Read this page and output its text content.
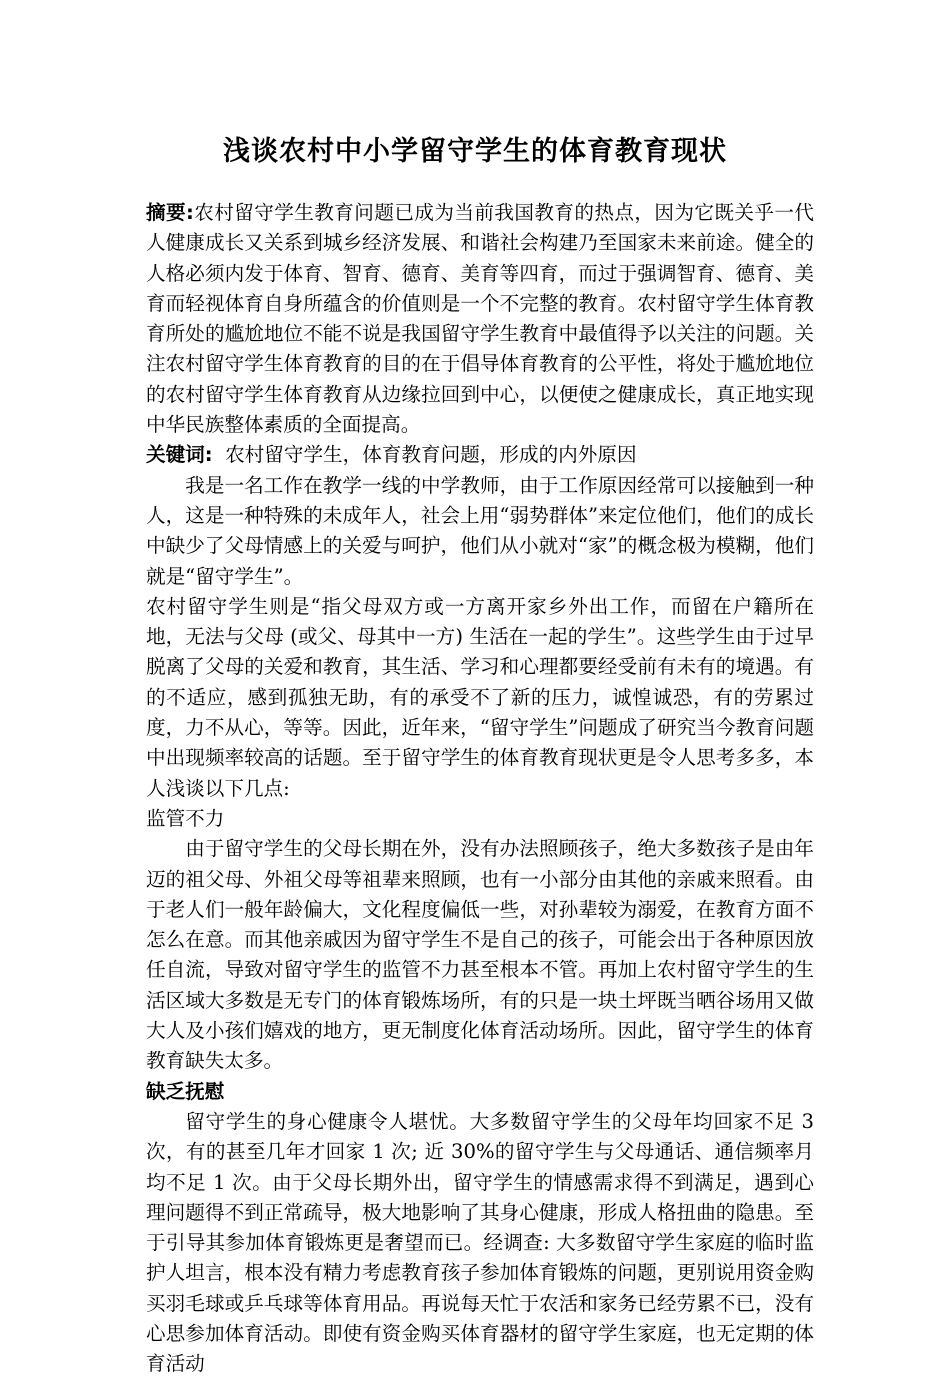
浅谈农村中小学留守学生的体育教育现状

摘要:农村留守学生教育问题已成为当前我国教育的热点，因为它既关乎一代人健康成长又关系到城乡经济发展、和谐社会构建乃至国家未来前途。健全的人格必须内发于体育、智育、德育、美育等四育，而过于强调智育、德育、美育而轻视体育自身所蕴含的价值则是一个不完整的教育。农村留守学生体育教育所处的尴尬地位不能不说是我国留守学生教育中最值得予以关注的问题。关注农村留守学生体育教育的目的在于倡导体育教育的公平性，将处于尴尬地位的农村留守学生体育教育从边缘拉回到中心，以便使之健康成长，真正地实现中华民族整体素质的全面提高。

关键词: 农村留守学生，体育教育问题，形成的内外原因

我是一名工作在教学一线的中学教师，由于工作原因经常可以接触到一种人，这是一种特殊的未成年人，社会上用“弱势群体”来定位他们，他们的成长中缺少了父母情感上的关爱与呵护，他们从小就对“家”的概念极为模糊，他们就是“留守学生”。

农村留守学生则是“指父母双方或一方离开家乡外出工作，而留在户籍所在地，无法与父母 (或父、母其中一方) 生活在一起的学生”。这些学生由于过早脱离了父母的关爱和教育，其生活、学习和心理都要经受前有未有的境遇。有的不适应，感到孤独无助，有的承受不了新的压力，诚惶诚恐，有的劳累过度，力不从心，等等。因此，近年来，“留守学生”问题成了研究当今教育问题中出现频率较高的话题。至于留守学生的体育教育现状更是令人思考多多，本人浅谈以下几点:

监管不力

由于留守学生的父母长期在外，没有办法照顾孩子，绝大多数孩子是由年迈的祖父母、外祖父母等祖辈来照顾，也有一小部分由其他的亲戚来照看。由于老人们一般年龄偏大，文化程度偏低一些，对孙辈较为溺爱，在教育方面不怎么在意。而其他亲戚因为留守学生不是自己的孩子，可能会出于各种原因放任自流，导致对留守学生的监管不力甚至根本不管。再加上农村留守学生的生活区域大多数是无专门的体育锻炼场所，有的只是一块土坪既当晒谷场用又做大人及小孩们嬉戏的地方，更无制度化体育活动场所。因此，留守学生的体育教育缺失太多。

缺乏抚慰

留守学生的身心健康令人堪忧。大多数留守学生的父母年均回家不足 3 次，有的甚至几年才回家 1 次; 近 30%的留守学生与父母通话、通信频率月均不足 1 次。由于父母长期外出，留守学生的情感需求得不到满足，遇到心理问题得不到正常疏导，极大地影响了其身心健康，形成人格扭曲的隐患。至于引导其参加体育锻炼更是奢望而已。经调查: 大多数留守学生家庭的临时监护人坦言，根本没有精力考虑教育孩子参加体育锻炼的问题，更别说用资金购买羽毛球或乒乓球等体育用品。再说每天忙于农活和家务已经劳累不已，没有心思参加体育活动。即使有资金购买体育器材的留守学生家庭，也无定期的体育活动
